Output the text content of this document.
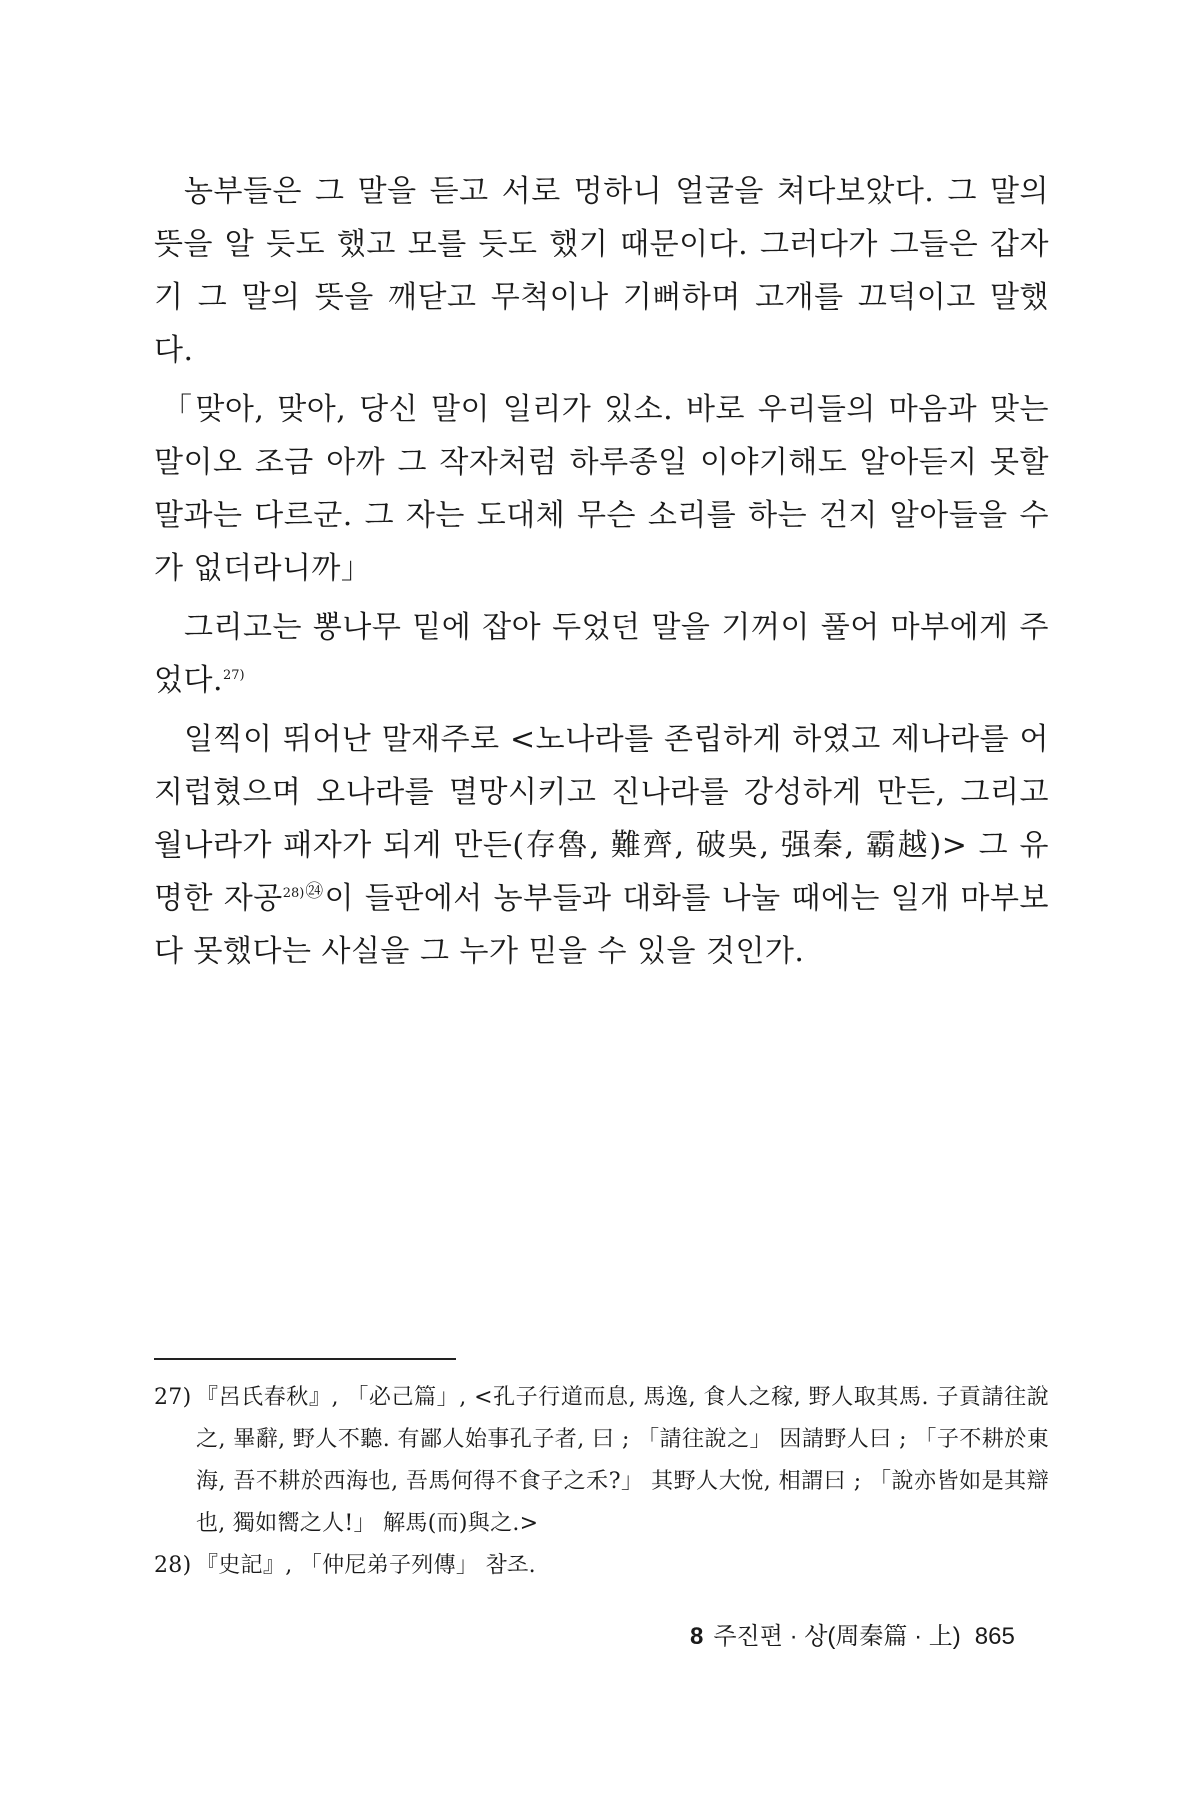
농부들은 그 말을 듣고 서로 멍하니 얼굴을 쳐다보았다. 그 말의 뜻을 알 듯도 했고 모를 듯도 했기 때문이다. 그러다가 그들은 갑자기 그 말의 뜻을 깨닫고 무척이나 기뻐하며 고개를 끄덕이고 말했다.

「맞아, 맞아, 당신 말이 일리가 있소. 바로 우리들의 마음과 맞는 말이오 조금 아까 그 작자처럼 하루종일 이야기해도 알아듣지 못할 말과는 다르군. 그 자는 도대체 무슨 소리를 하는 건지 알아들을 수가 없더라니까」

그리고는 뽕나무 밑에 잡아 두었던 말을 기꺼이 풀어 마부에게 주었다.$^{27)}$

일찍이 뛰어난 말재주로 <노나라를 존립하게 하였고 제나라를 어지럽혔으며 오나라를 멸망시키고 진나라를 강성하게 만든, 그리고 월나라가 패자가 되게 만든(存魯, 難齊, 破吳, 强秦, 霸越)> 그 유명한 자공$^{28)㉔}$이 들판에서 농부들과 대화를 나눌 때에는 일개 마부보다 못했다는 사실을 그 누가 믿을 수 있을 것인가.

27) 『呂氏春秋』, 「必己篇」, <孔子行道而息, 馬逸, 食人之稼, 野人取其馬. 子貢請往說之, 畢辭, 野人不聽. 有鄙人始事孔子者, 曰 ; 「請往說之」 因請野人曰 ; 「子不耕於東海, 吾不耕於西海也, 吾馬何得不食子之禾?」 其野人大悅, 相謂曰 ; 「說亦皆如是其辯也, 獨如嚮之人!」 解馬(而)與之.>
28) 『史記』, 「仲尼弟子列傳」 참조.
8 주진편 · 상(周秦篇 · 上) 865
